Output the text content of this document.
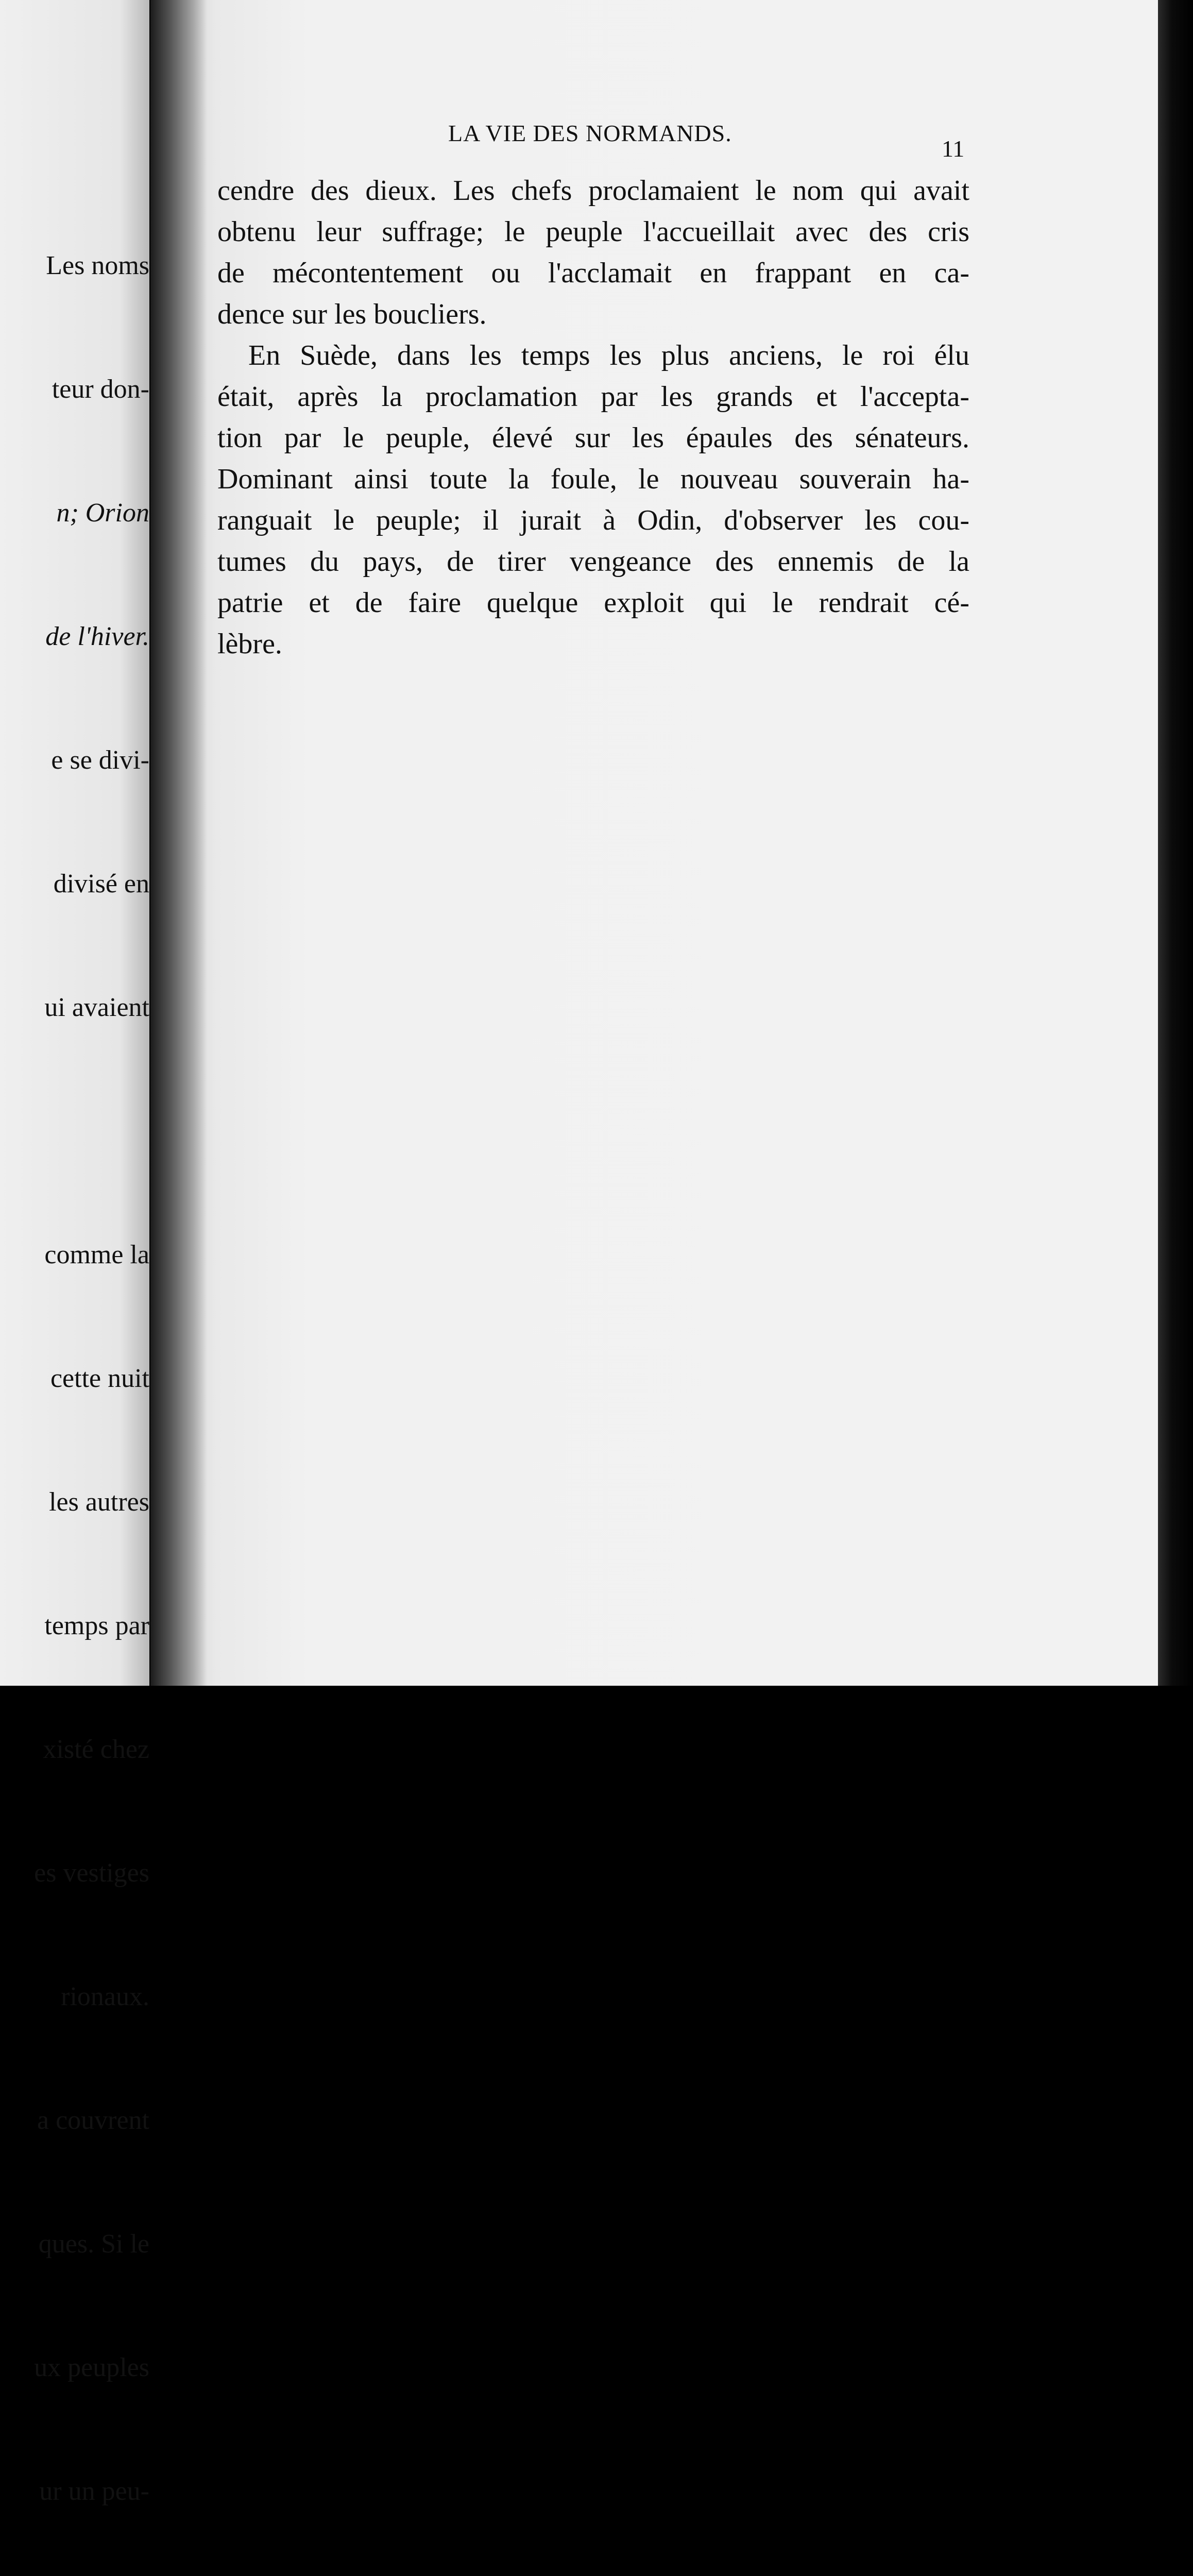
Les noms

teur don-

n; Orion

de l'hiver.

e se divi-

divisé en

ui avaient

comme la

cette nuit

les autres

temps par

xisté chez

es vestiges

rionaux.

a couvrent

ques. Si le

ux peuples

ur un peu-

LA VIE DES NORMANDS.
11
cendre des dieux. Les chefs proclamaient le nom qui avait
obtenu leur suffrage; le peuple l'accueillait avec des cris
de mécontentement ou l'acclamait en frappant en ca-
dence sur les boucliers.
En Suède, dans les temps les plus anciens, le roi élu
était, après la proclamation par les grands et l'accepta-
tion par le peuple, élevé sur les épaules des sénateurs.
Dominant ainsi toute la foule, le nouveau souverain ha-
ranguait le peuple; il jurait à Odin, d'observer les cou-
tumes du pays, de tirer vengeance des ennemis de la
patrie et de faire quelque exploit qui le rendrait cé-
lèbre.
